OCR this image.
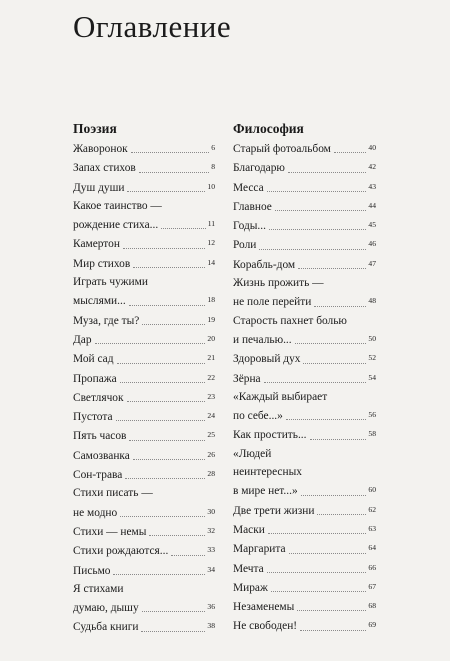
Оглавление
Поэзия
Жаворонок	6
Запах стихов	8
Душ души	10
Какое таинство —
рождение стиха...	11
Камертон	12
Мир стихов	14
Играть чужими
мыслями...	18
Муза, где ты?	19
Дар	20
Мой сад	21
Пропажа	22
Светлячок	23
Пустота	24
Пять часов	25
Самозванка	26
Сон-трава	28
Стихи писать —
не модно	30
Стихи — немы	32
Стихи рождаются...	33
Письмо	34
Я стихами
думаю, дышу	36
Судьба книги	38
Философия
Старый фотоальбом	40
Благодарю	42
Месса	43
Главное	44
Годы...	45
Роли	46
Корабль-дом	47
Жизнь прожить —
не поле перейти	48
Старость пахнет болью
и печалью...	50
Здоровый дух	52
Зёрна	54
«Каждый выбирает
по себе...»	56
Как простить...	58
«Людей
неинтересных
в мире нет...»	60
Две трети жизни	62
Маски	63
Маргарита	64
Мечта	66
Мираж	67
Незаменемы	68
Не свободен!	69
